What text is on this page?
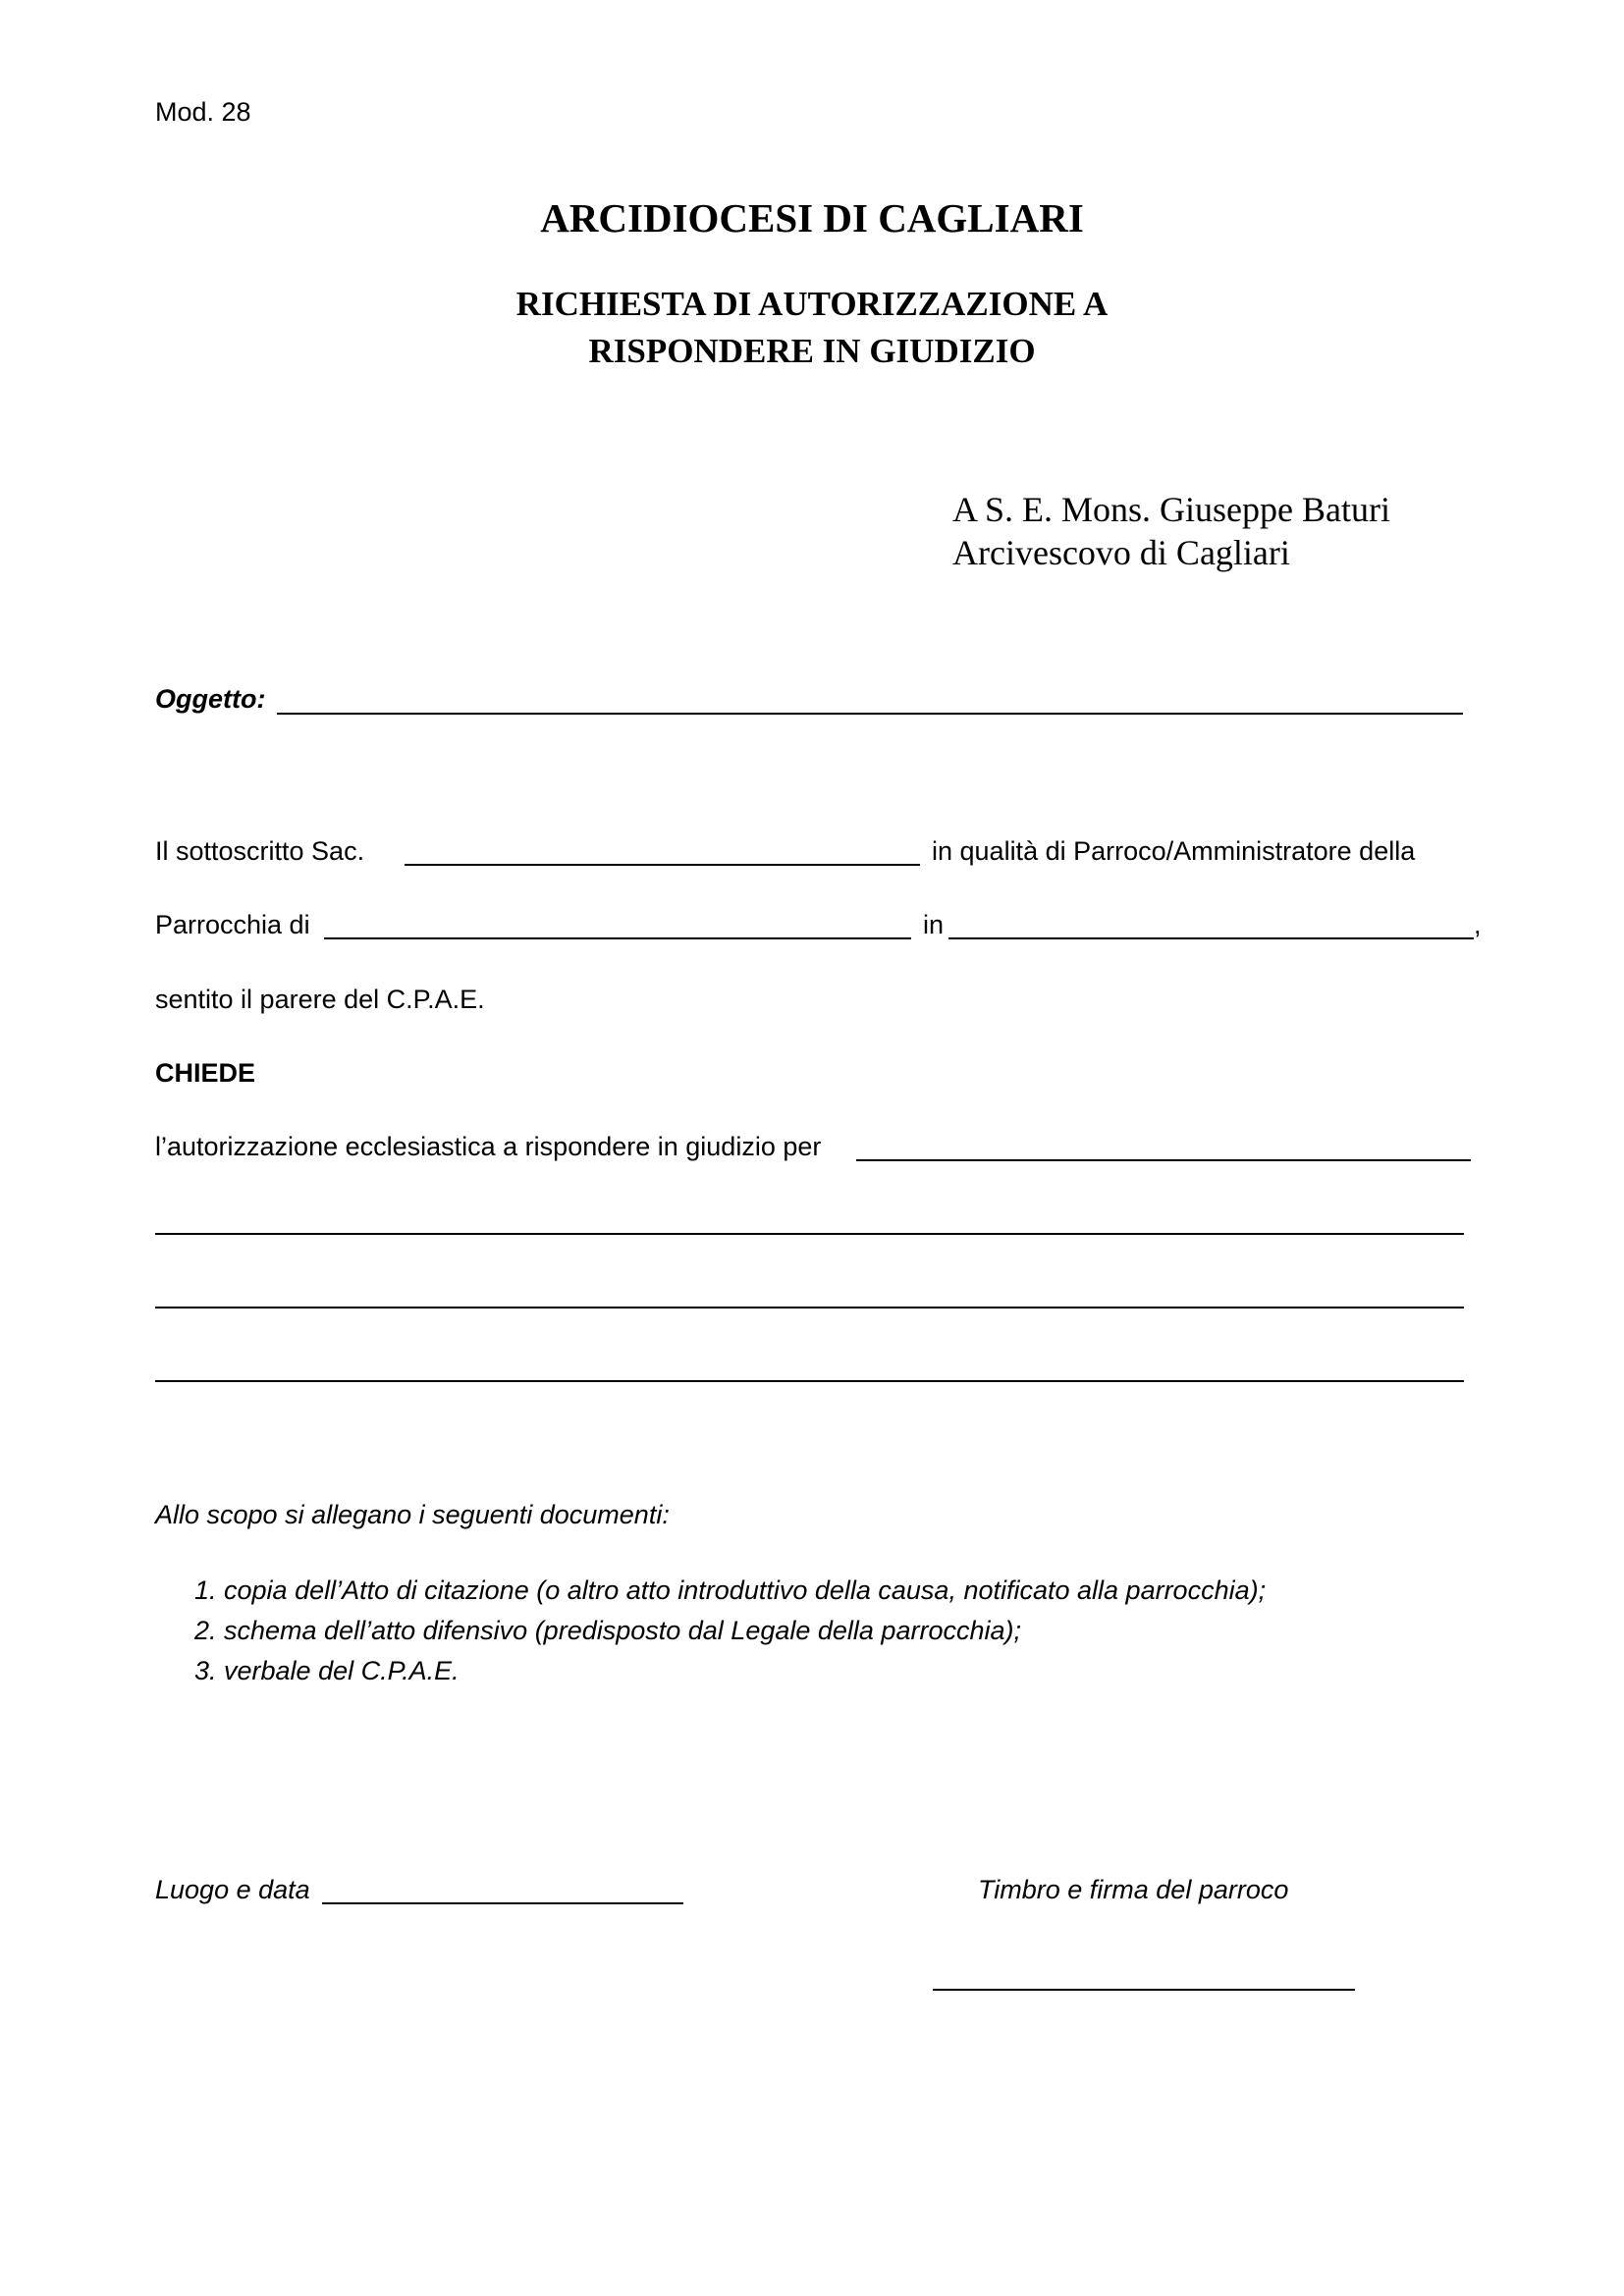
Mod. 28
ARCIDIOCESI DI CAGLIARI
RICHIESTA DI AUTORIZZAZIONE A
RISPONDERE IN GIUDIZIO
A S. E. Mons. Giuseppe Baturi
Arcivescovo di Cagliari
Oggetto:
Il sottoscritto Sac.	in qualità di Parroco/Amministratore della
Parrocchia di	in	,
sentito il parere del C.P.A.E.
CHIEDE
l’autorizzazione ecclesiastica a rispondere in giudizio per
Allo scopo si allegano i seguenti documenti:
1. copia dell’Atto di citazione (o altro atto introduttivo della causa, notificato alla parrocchia);
2. schema dell’atto difensivo (predisposto dal Legale della parrocchia);
3. verbale del C.P.A.E.
Luogo e data	Timbro e firma del parroco
